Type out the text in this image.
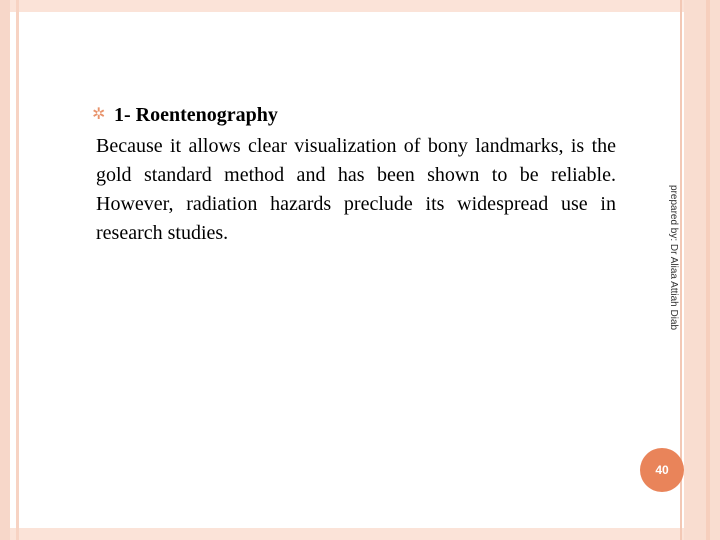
✲ 1- Roentenography

Because it allows clear visualization of bony landmarks, is the gold standard method and has been shown to be reliable. However, radiation hazards preclude its widespread use in research studies.	prepared by: Dr Aliaa Attiah Diab
40
